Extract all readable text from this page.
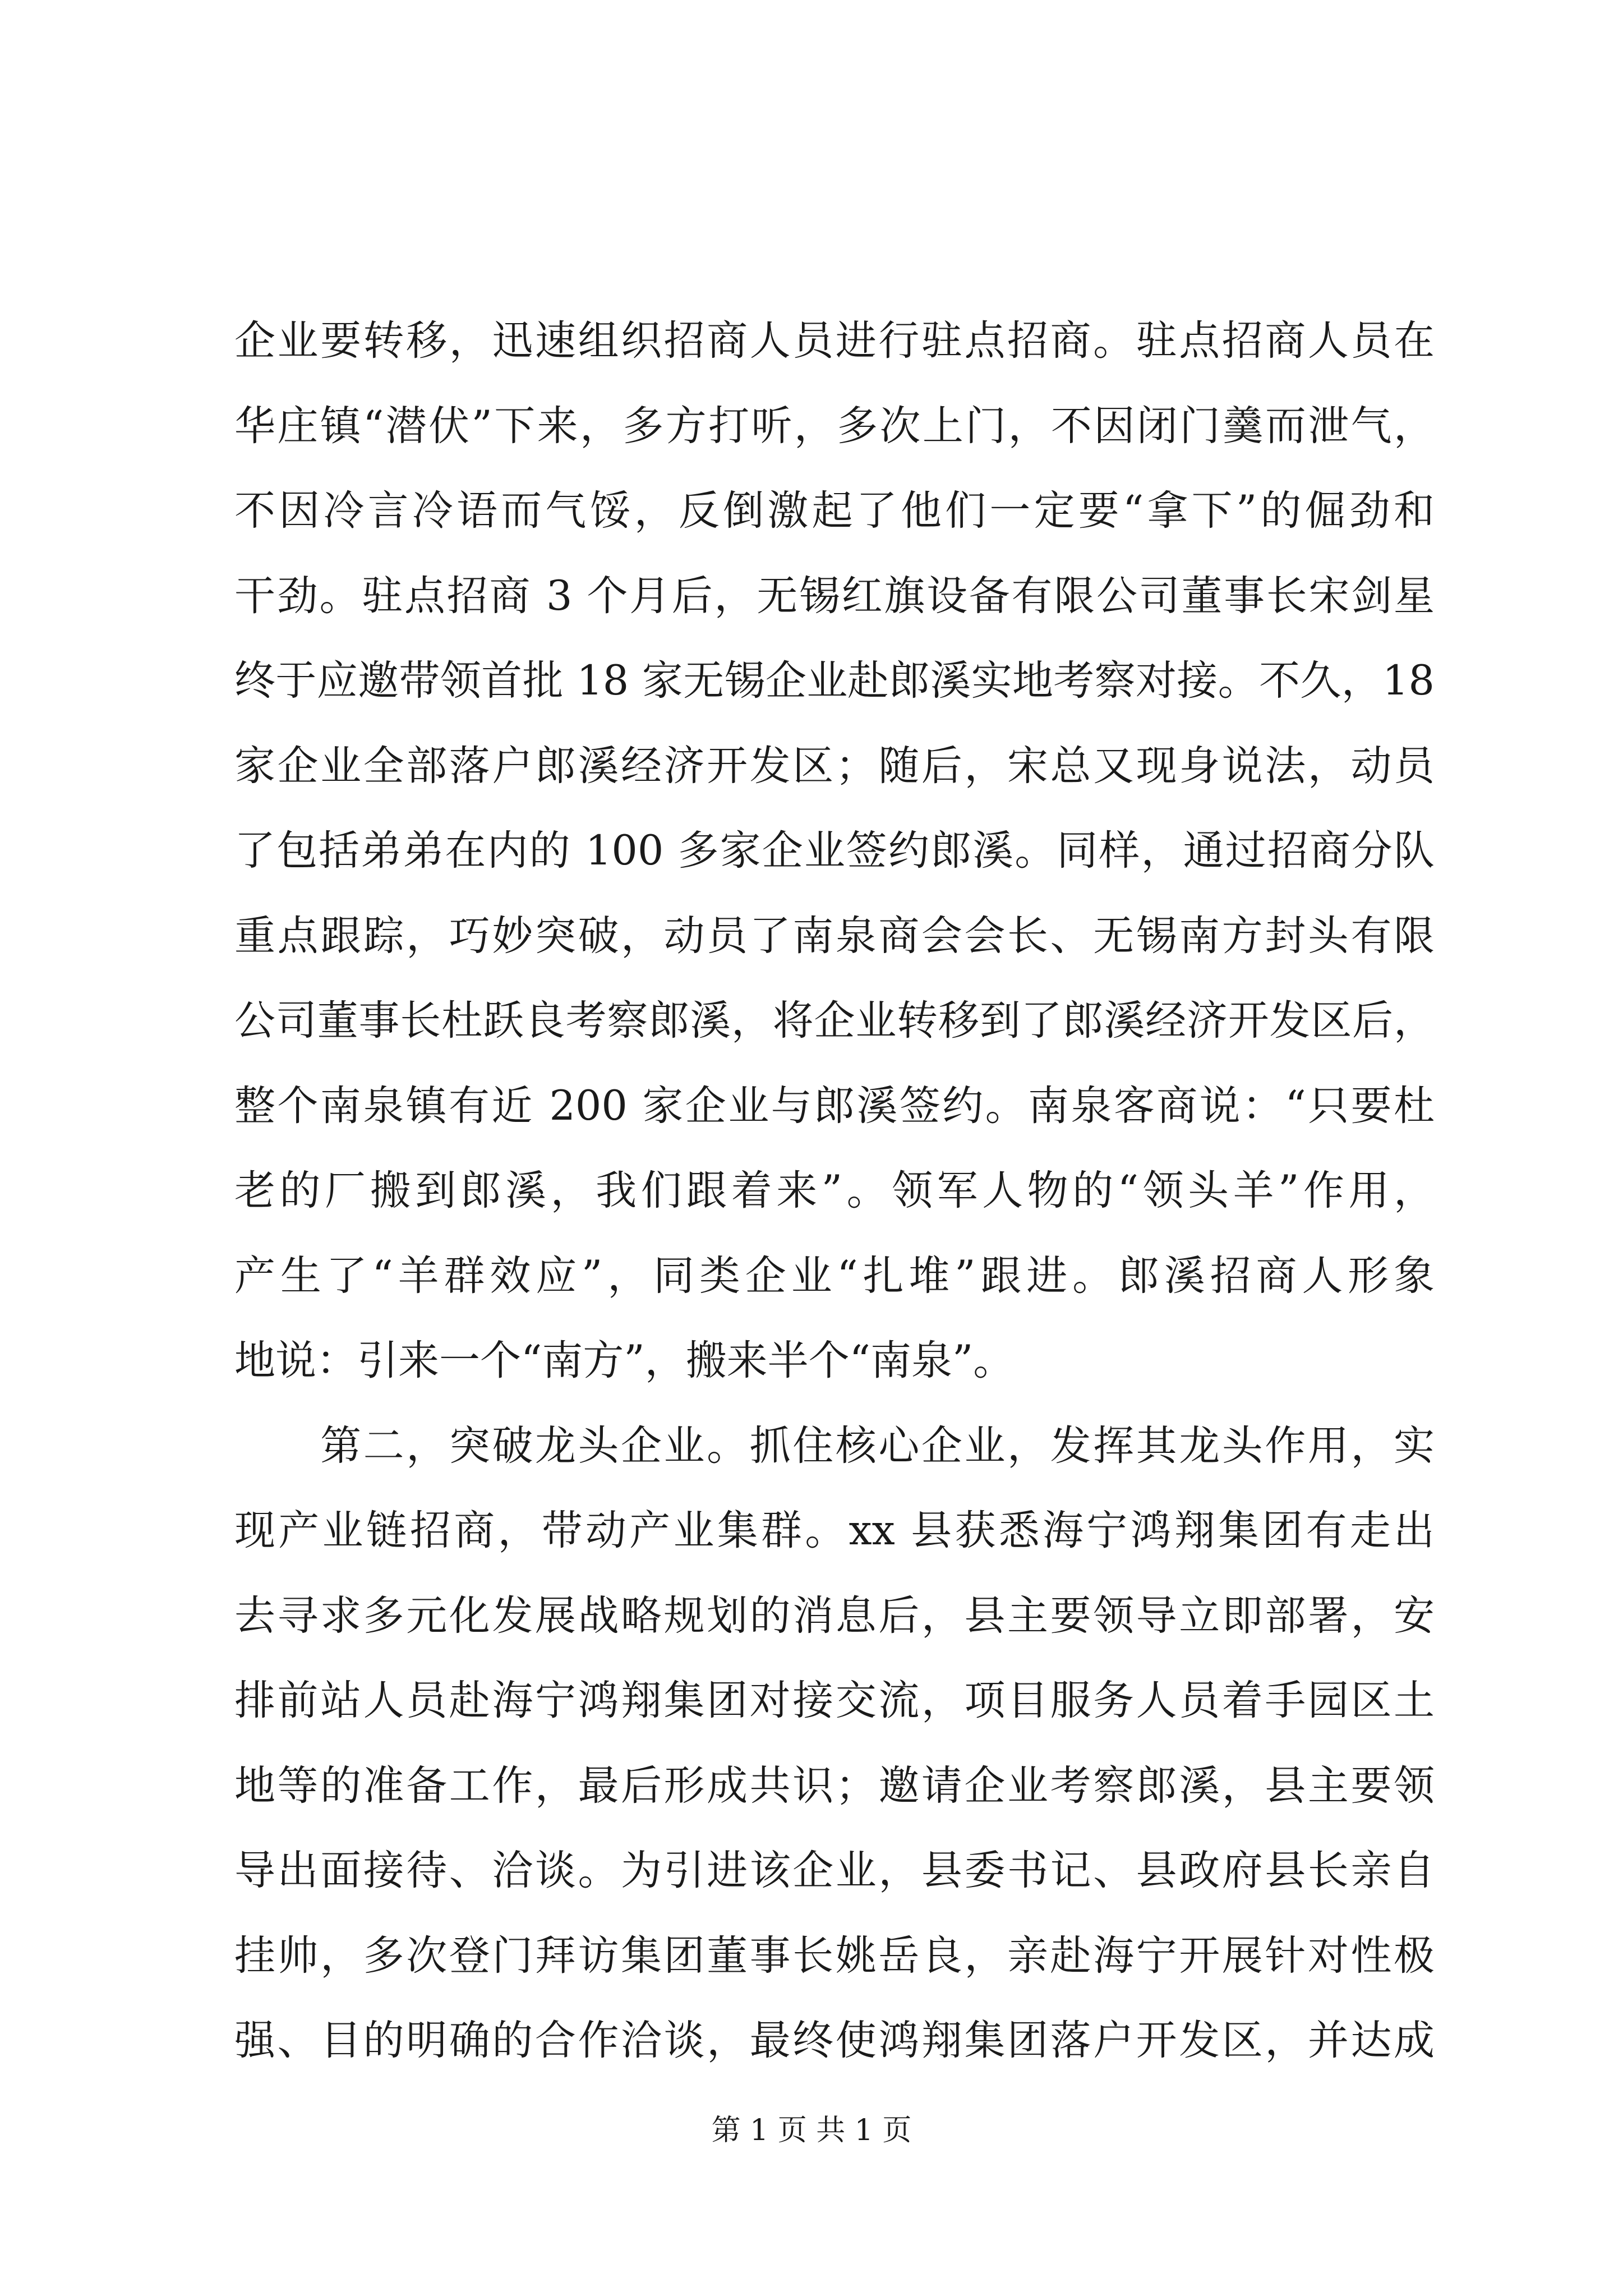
企业要转移，迅速组织招商人员进行驻点招商。驻点招商人员在
华庄镇“潜伏”下来，多方打听，多次上门，不因闭门羹而泄气，
不因冷言冷语而气馁，反倒激起了他们一定要“拿下”的倔劲和
干劲。驻点招商 3 个月后，无锡红旗设备有限公司董事长宋剑星
终于应邀带领首批 18 家无锡企业赴郎溪实地考察对接。不久，18
家企业全部落户郎溪经济开发区；随后，宋总又现身说法，动员
了包括弟弟在内的 100 多家企业签约郎溪。同样，通过招商分队
重点跟踪，巧妙突破，动员了南泉商会会长、无锡南方封头有限
公司董事长杜跃良考察郎溪，将企业转移到了郎溪经济开发区后，
整个南泉镇有近 200 家企业与郎溪签约。南泉客商说：“只要杜
老的厂搬到郎溪，我们跟着来”。领军人物的“领头羊”作用，
产生了“羊群效应”，同类企业“扎堆”跟进。郎溪招商人形象
地说：引来一个“南方”，搬来半个“南泉”。
　　第二，突破龙头企业。抓住核心企业，发挥其龙头作用，实
现产业链招商，带动产业集群。xx 县获悉海宁鸿翔集团有走出
去寻求多元化发展战略规划的消息后，县主要领导立即部署，安
排前站人员赴海宁鸿翔集团对接交流，项目服务人员着手园区土
地等的准备工作，最后形成共识；邀请企业考察郎溪，县主要领
导出面接待、洽谈。为引进该企业，县委书记、县政府县长亲自
挂帅，多次登门拜访集团董事长姚岳良，亲赴海宁开展针对性极
强、目的明确的合作洽谈，最终使鸿翔集团落户开发区，并达成
第 1 页 共 1 页
